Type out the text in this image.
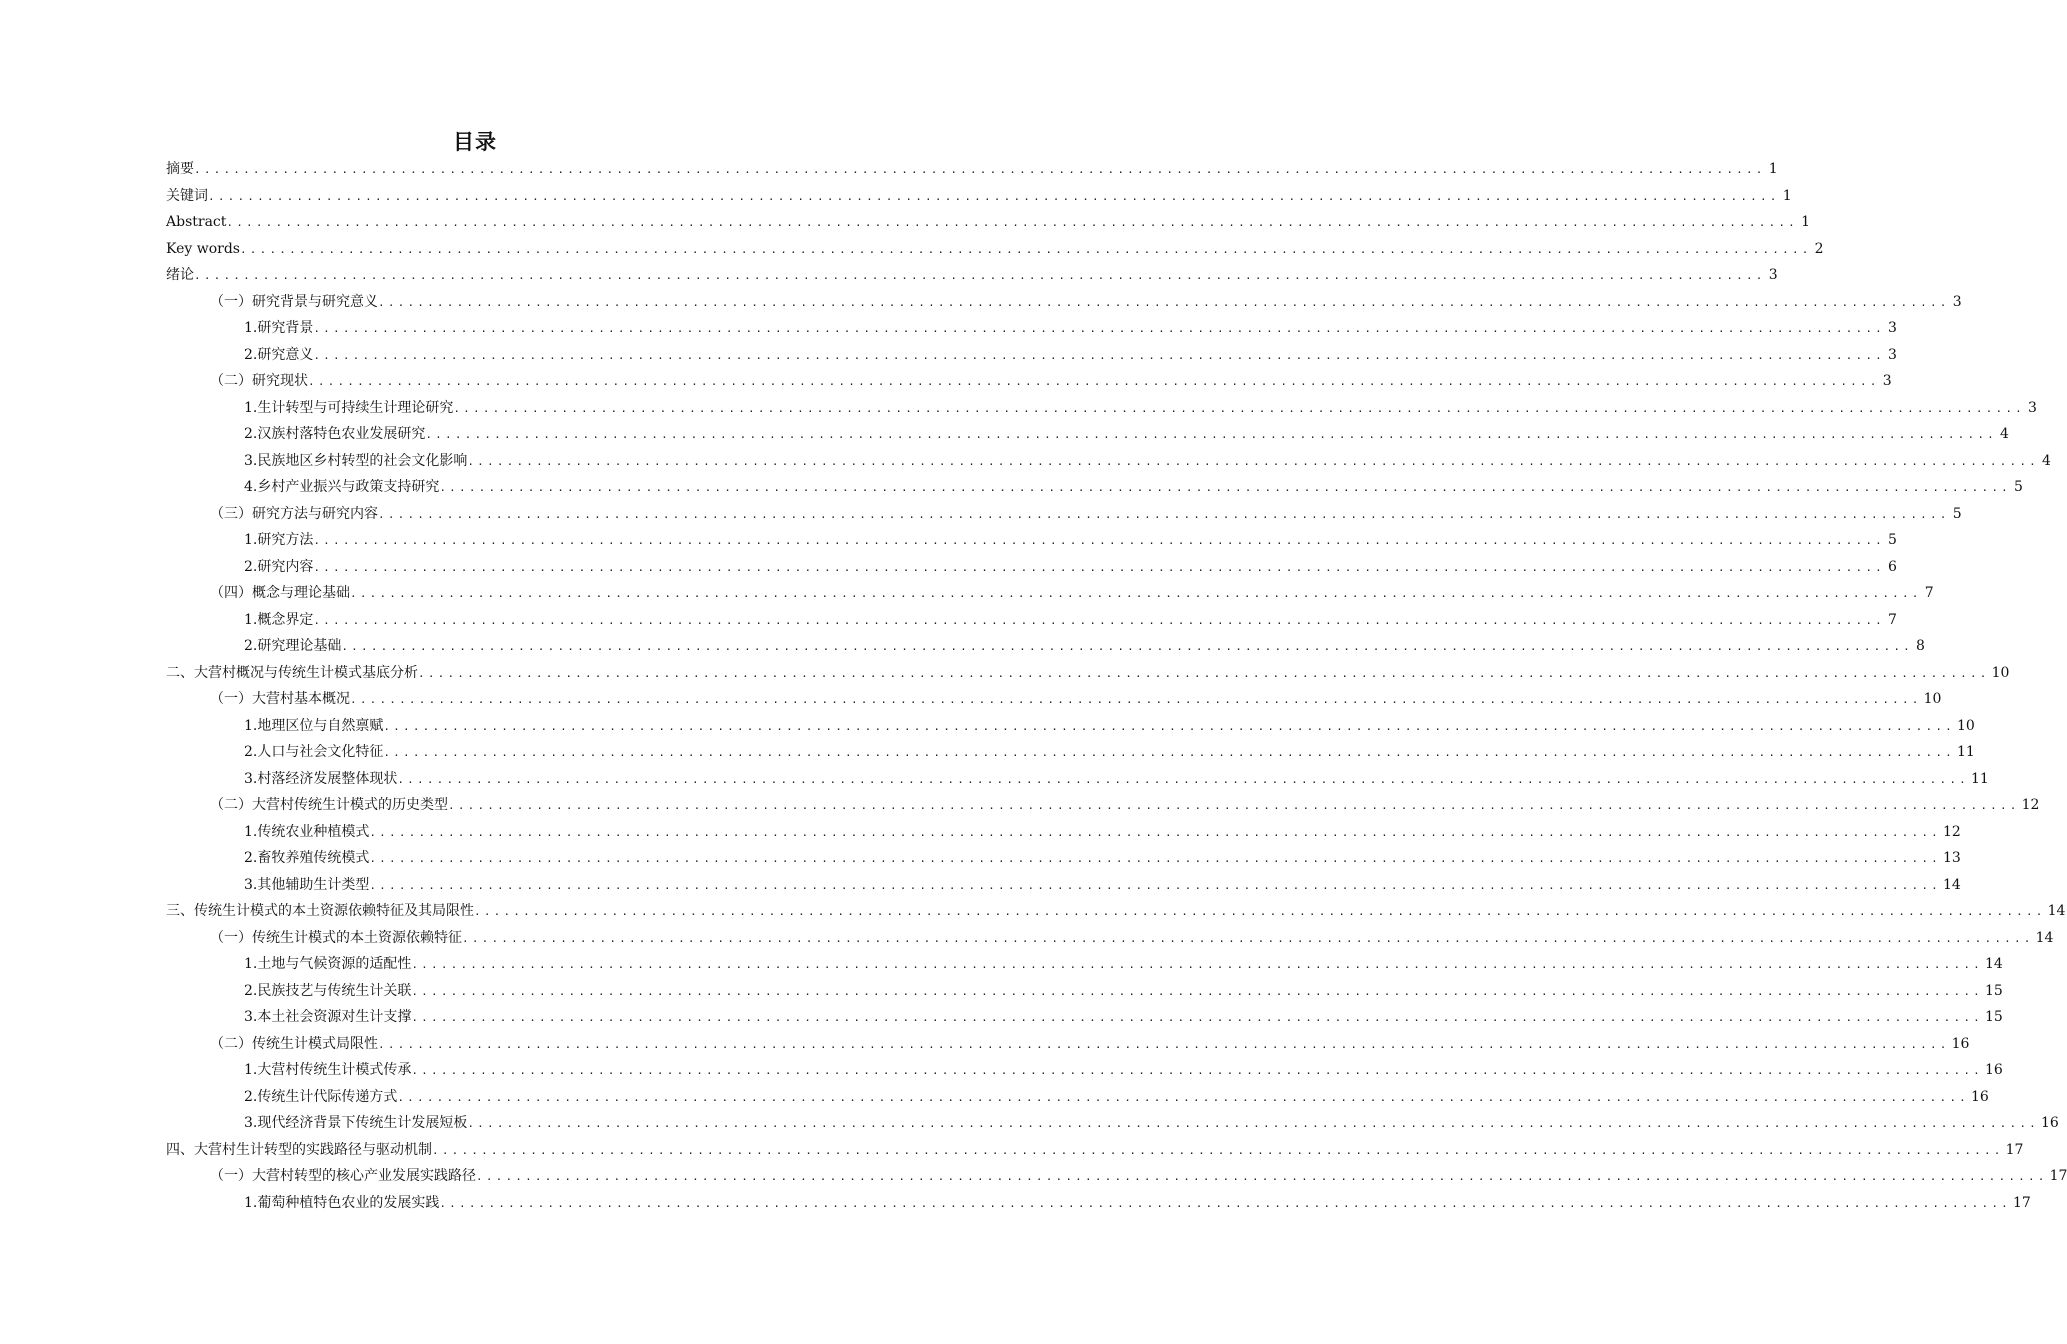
目录
摘要 ................................................................................................................................................................ 1
关键词 ................................................................................................................................................................ 1
Abstract ................................................................................................................................................................ 1
Key words ................................................................................................................................................................ 2
绪论 ................................................................................................................................................................ 3
（一） 研究背景与研究意义 ................................................................................................................................................................ 3
1. 研究背景 ................................................................................................................................................................ 3
2. 研究意义 ................................................................................................................................................................ 3
（二） 研究现状 ................................................................................................................................................................ 3
1. 生计转型与可持续生计理论研究 ................................................................................................................................................................ 3
2. 汉族村落特色农业发展研究 ................................................................................................................................................................ 4
3. 民族地区乡村转型的社会文化影响 ................................................................................................................................................................ 4
4. 乡村产业振兴与政策支持研究 ................................................................................................................................................................ 5
（三） 研究方法与研究内容 ................................................................................................................................................................ 5
1. 研究方法 ................................................................................................................................................................ 5
2. 研究内容 ................................................................................................................................................................ 6
（四） 概念与理论基础 ................................................................................................................................................................ 7
1. 概念界定 ................................................................................................................................................................ 7
2. 研究理论基础 ................................................................................................................................................................ 8
二、 大营村概况与传统生计模式基底分析 ................................................................................................................................................................ 10
（一） 大营村基本概况 ................................................................................................................................................................ 10
1. 地理区位与自然禀赋 ................................................................................................................................................................ 10
2. 人口与社会文化特征 ................................................................................................................................................................ 11
3. 村落经济发展整体现状 ................................................................................................................................................................ 11
（二） 大营村传统生计模式的历史类型 ................................................................................................................................................................ 12
1. 传统农业种植模式 ................................................................................................................................................................ 12
2. 畜牧养殖传统模式 ................................................................................................................................................................ 13
3. 其他辅助生计类型 ................................................................................................................................................................ 14
三、 传统生计模式的本土资源依赖特征及其局限性 ................................................................................................................................................................ 14
（一） 传统生计模式的本土资源依赖特征 ................................................................................................................................................................ 14
1. 土地与气候资源的适配性 ................................................................................................................................................................ 14
2. 民族技艺与传统生计关联 ................................................................................................................................................................ 15
3. 本土社会资源对生计支撑 ................................................................................................................................................................ 15
（二） 传统生计模式局限性 ................................................................................................................................................................ 16
1. 大营村传统生计模式传承 ................................................................................................................................................................ 16
2. 传统生计代际传递方式 ................................................................................................................................................................ 16
3. 现代经济背景下传统生计发展短板 ................................................................................................................................................................ 16
四、 大营村生计转型的实践路径与驱动机制 ................................................................................................................................................................ 17
（一） 大营村转型的核心产业发展实践路径 ................................................................................................................................................................ 17
1. 葡萄种植特色农业的发展实践 ................................................................................................................................................................ 17
